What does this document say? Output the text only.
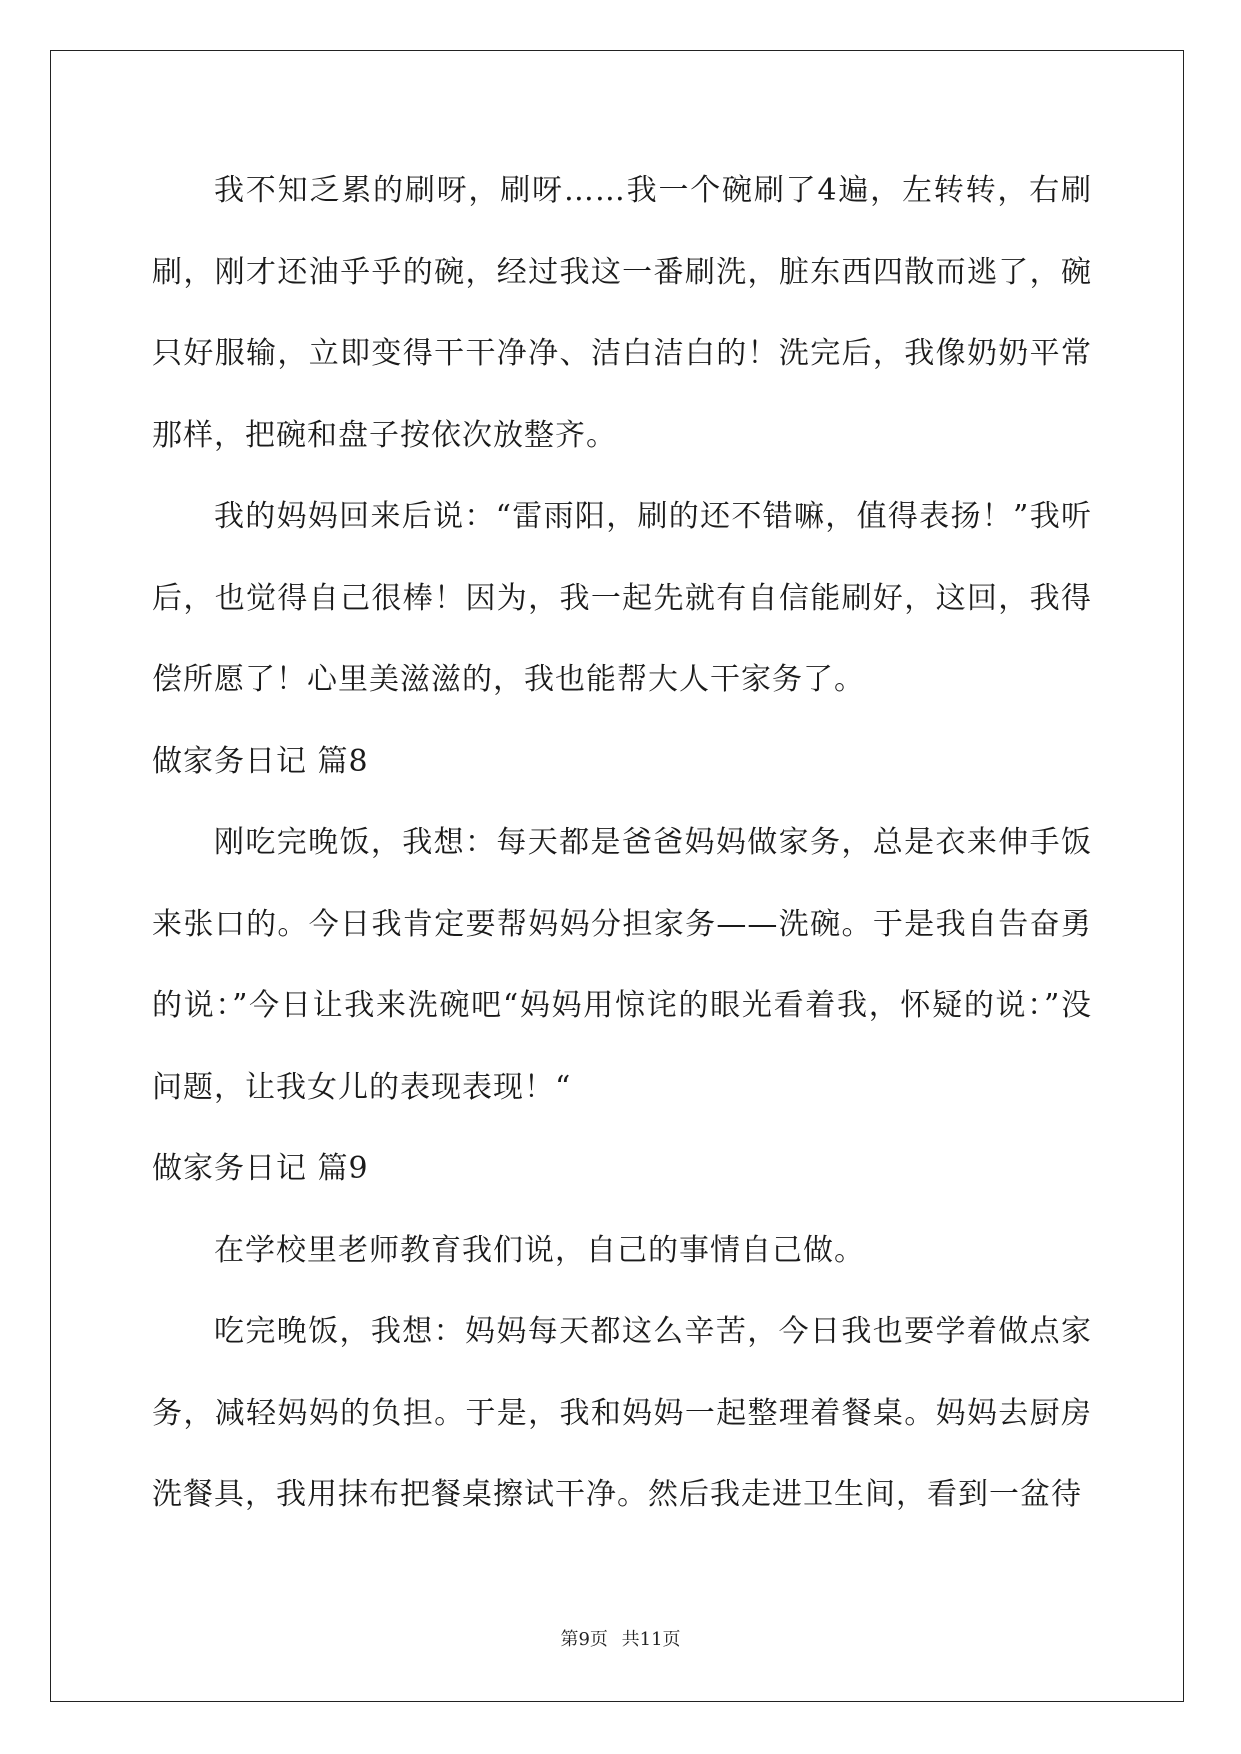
我不知乏累的刷呀，刷呀……我一个碗刷了4遍，左转转，右刷刷，刚才还油乎乎的碗，经过我这一番刷洗，脏东西四散而逃了，碗只好服输，立即变得干干净净、洁白洁白的！洗完后，我像奶奶平常那样，把碗和盘子按依次放整齐。

我的妈妈回来后说：“雷雨阳，刷的还不错嘛，值得表扬！”我听后，也觉得自己很棒！因为，我一起先就有自信能刷好，这回，我得偿所愿了！心里美滋滋的，我也能帮大人干家务了。

做家务日记 篇8

刚吃完晚饭，我想：每天都是爸爸妈妈做家务，总是衣来伸手饭来张口的。今日我肯定要帮妈妈分担家务——洗碗。于是我自告奋勇的说：”今日让我来洗碗吧“妈妈用惊诧的眼光看着我，怀疑的说：”没问题，让我女儿的表现表现！“

做家务日记 篇9

在学校里老师教育我们说，自己的事情自己做。

吃完晚饭，我想：妈妈每天都这么辛苦，今日我也要学着做点家务，减轻妈妈的负担。于是，我和妈妈一起整理着餐桌。妈妈去厨房洗餐具，我用抹布把餐桌擦试干净。然后我走进卫生间，看到一盆待

第9页 共11页
